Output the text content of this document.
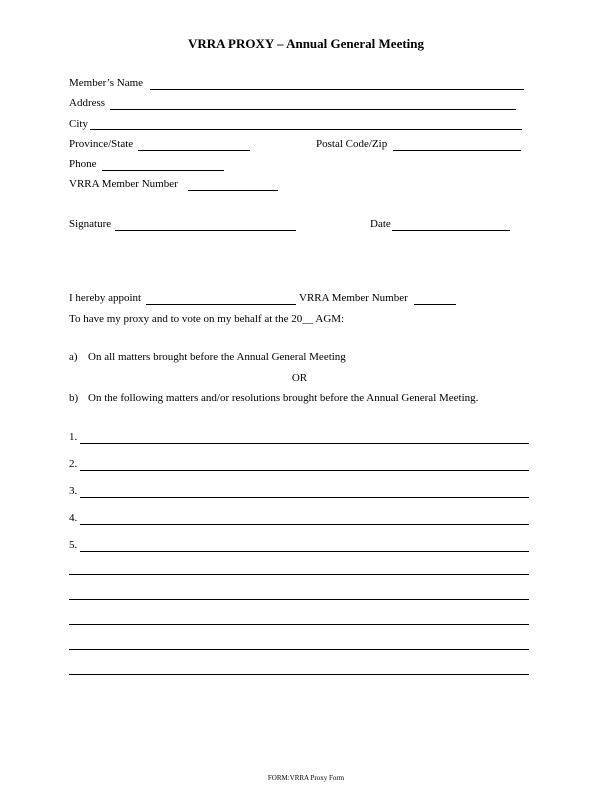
VRRA PROXY – Annual General Meeting
Member’s Name
Address
City
Province/State	Postal Code/Zip
Phone
VRRA Member Number
Signature	Date
I hereby appoint	VRRA Member Number
To have my proxy and to vote on my behalf at the 20__ AGM:
a) On all matters brought before the Annual General Meeting
OR
b) On the following matters and/or resolutions brought before the Annual General Meeting.
1.
2.
3.
4.
5.
FORM:VRRA Proxy Form
